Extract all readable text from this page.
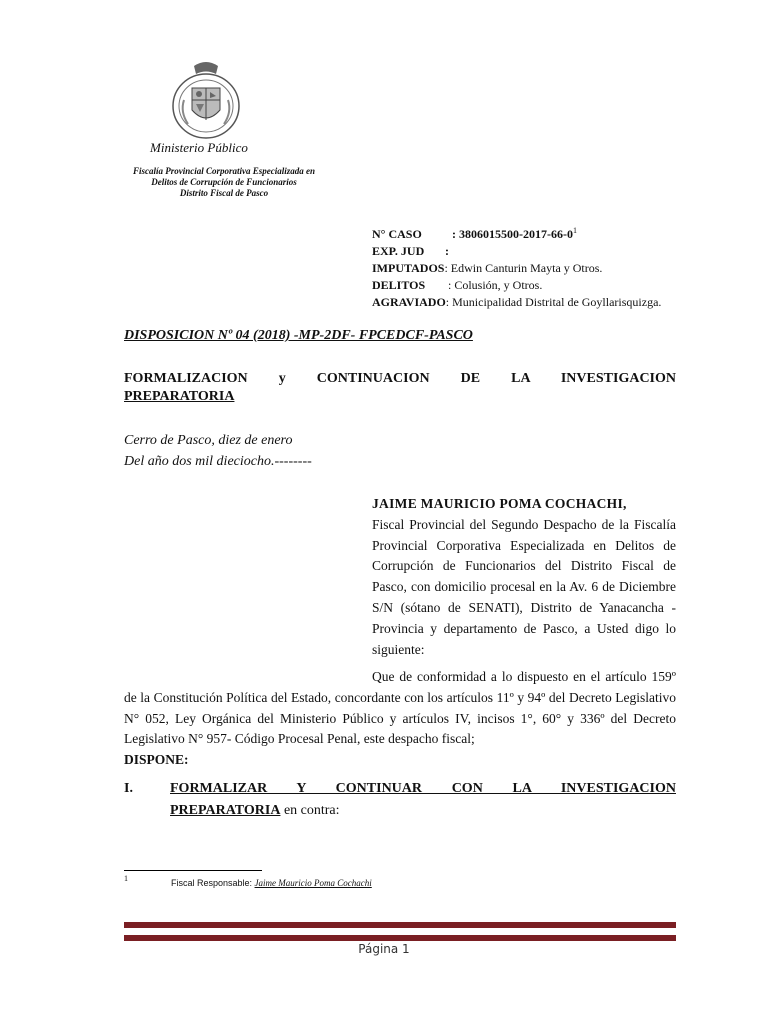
Ministerio Público
Fiscalía Provincial Corporativa Especializada en
Delitos de Corrupción de Funcionarios
Distrito Fiscal de Pasco
N° CASO	: $3806015500-2017-66-0^1$
EXP. JUD :
IMPUTADOS: Edwin Canturin Mayta y Otros.
DELITOS : Colusión, y Otros.
AGRAVIADO: Municipalidad Distrital de Goyllarisquizga.
DISPOSICION Nº 04 (2018) -MP-2DF- FPCEDCF-PASCO
FORMALIZACION y CONTINUACION DE LA INVESTIGACION
PREPARATORIA
Cerro de Pasco, diez de enero
Del año dos mil dieciocho.--------
JAIME MAURICIO POMA COCHACHI,
Fiscal Provincial del Segundo Despacho de la Fiscalía Provincial Corporativa Especializada en Delitos de Corrupción de Funcionarios del Distrito Fiscal de Pasco, con domicilio procesal en la Av. 6 de Diciembre S/N (sótano de SENATI), Distrito de Yanacancha - Provincia y departamento de Pasco, a Usted digo lo siguiente:
Que de conformidad a lo dispuesto en el artículo 159º de la Constitución Política del Estado, concordante con los artículos 11º y 94º del Decreto Legislativo N° 052, Ley Orgánica del Ministerio Público y artículos IV, incisos 1°, 60° y 336º del Decreto Legislativo N° 957- Código Procesal Penal, este despacho fiscal;
DISPONE:
I.	FORMALIZAR Y CONTINUAR CON LA INVESTIGACION
PREPARATORIA en contra:
1	Fiscal Responsable: Jaime Mauricio Poma Cochachi
Página 1
